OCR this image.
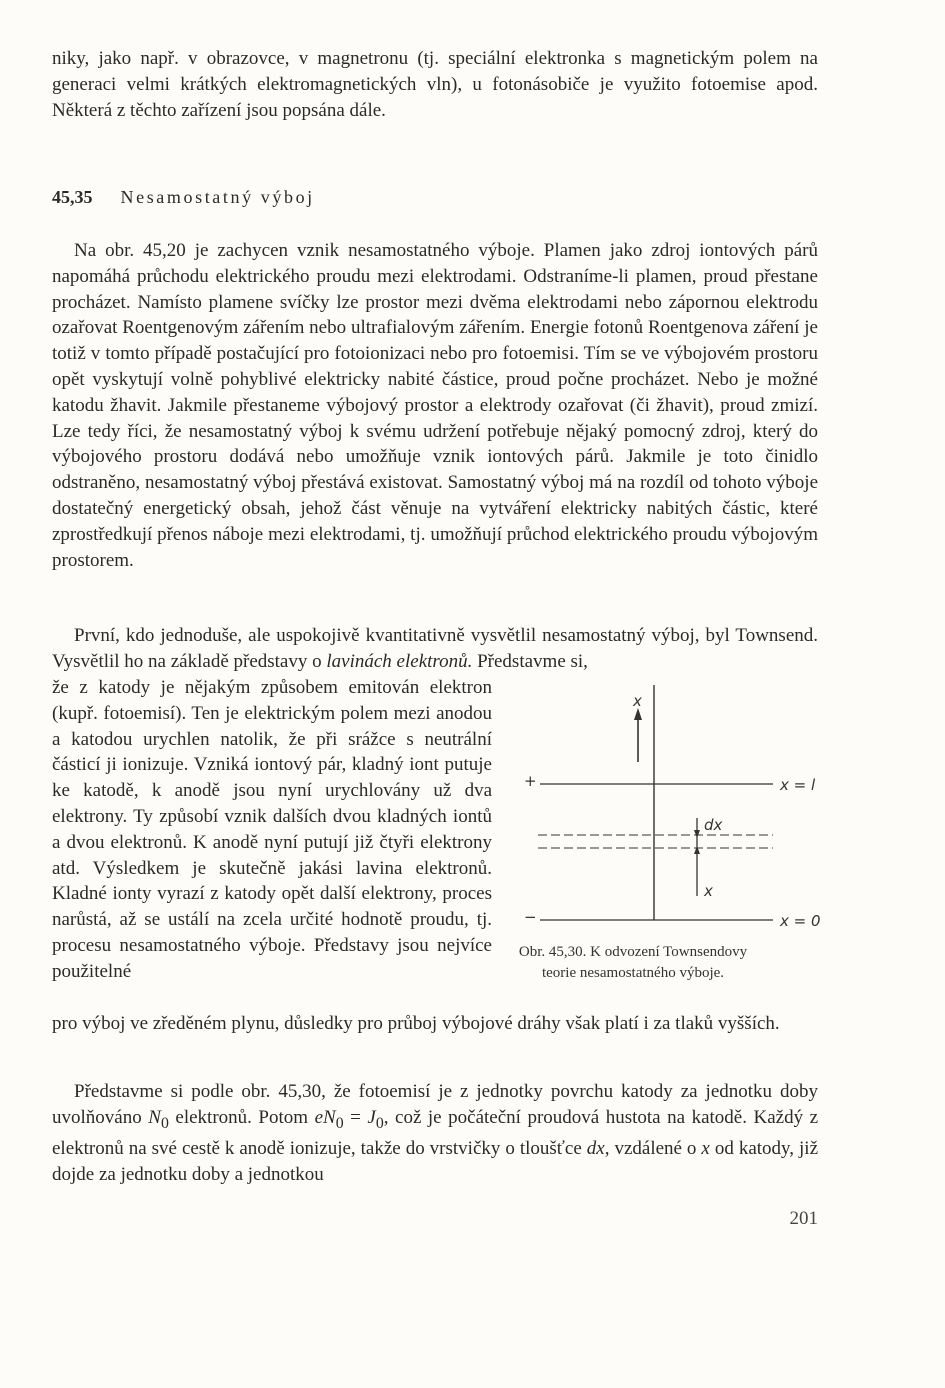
niky, jako např. v obrazovce, v magnetronu (tj. speciální elektronka s magnetickým polem na generaci velmi krátkých elektromagnetických vln), u fotonásobiče je využito fotoemise apod. Některá z těchto zařízení jsou popsána dále.

45,35 Nesamostatný výboj

Na obr. 45,20 je zachycen vznik nesamostatného výboje. Plamen jako zdroj iontových párů napomáhá průchodu elektrického proudu mezi elektrodami. Odstraníme-li plamen, proud přestane procházet. Namísto plamene svíčky lze prostor mezi dvěma elektrodami nebo zápornou elektrodu ozařovat Roentgenovým zářením nebo ultrafialovým zářením. Energie fotonů Roentgenova záření je totiž v tomto případě postačující pro fotoionizaci nebo pro fotoemisi. Tím se ve výbojovém prostoru opět vyskytují volně pohyblivé elektricky nabité částice, proud počne procházet. Nebo je možné katodu žhavit. Jakmile přestaneme výbojový prostor a elektrody ozařovat (či žhavit), proud zmizí. Lze tedy říci, že nesamostatný výboj k svému udržení potřebuje nějaký pomocný zdroj, který do výbojového prostoru dodává nebo umožňuje vznik iontových párů. Jakmile je toto činidlo odstraněno, nesamostatný výboj přestává existovat. Samostatný výboj má na rozdíl od tohoto výboje dostatečný energetický obsah, jehož část věnuje na vytváření elektricky nabitých částic, které zprostředkují přenos náboje mezi elektrodami, tj. umožňují průchod elektrického proudu výbojovým prostorem.

První, kdo jednoduše, ale uspokojivě kvantitativně vysvětlil nesamostatný výboj, byl Townsend. Vysvětlil ho na základě představy o lavinách elektronů. Představme si,

že z katody je nějakým způsobem emitován elektron (kupř. fotoemisí). Ten je elektrickým polem mezi anodou a katodou urychlen natolik, že při srážce s neutrální částicí ji ionizuje. Vzniká iontový pár, kladný iont putuje ke katodě, k anodě jsou nyní urychlovány už dva elektrony. Ty způsobí vznik dalších dvou kladných iontů a dvou elektronů. K anodě nyní putují již čtyři elektrony atd. Výsledkem je skutečně jakási lavina elektronů. Kladné ionty vyrazí z katody opět další elektrony, proces narůstá, až se ustálí na zcela určité hodnotě proudu, tj. procesu nesamostatného výboje. Představy jsou nejvíce použitelné

pro výboj ve zředěném plynu, důsledky pro průboj výbojové dráhy však platí i za tlaků vyšších.

Představme si podle obr. 45,30, že fotoemisí je z jednotky povrchu katody za jednotku doby uvolňováno $N_0$ elektronů. Potom $eN_0 = J_0$, což je počáteční proudová hustota na katodě. Každý z elektronů na své cestě k anodě ionizuje, takže do vrstvičky o tloušťce dx, vzdálené o x od katody, již dojde za jednotku doby a jednotkou

+
−
x
x = l
x = 0
dx
x
Obr. 45,30. K odvození Townsendovy
teorie nesamostatného výboje.
201
